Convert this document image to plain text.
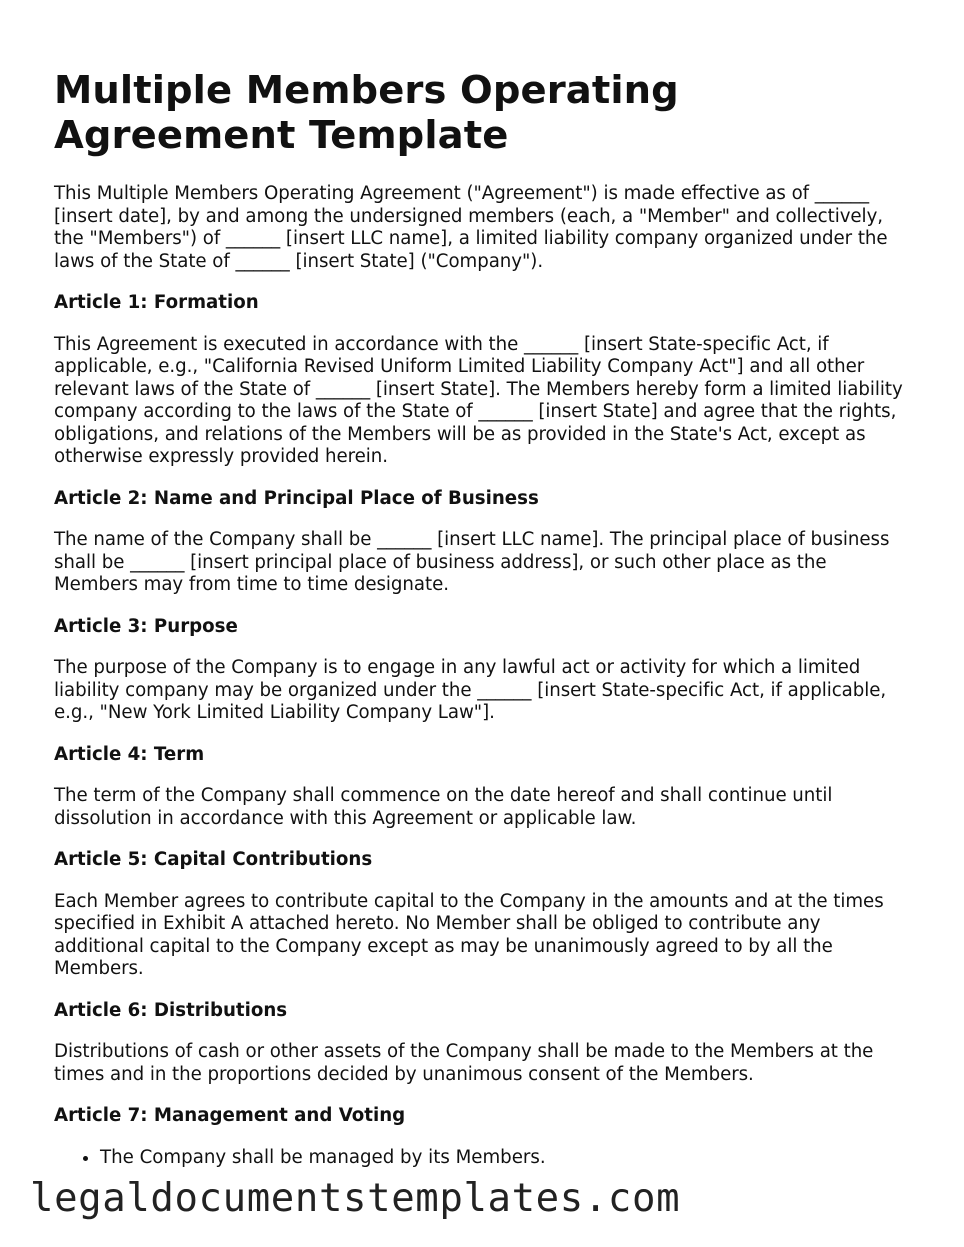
Multiple Members Operating Agreement Template

This Multiple Members Operating Agreement ("Agreement") is made effective as of ______ [insert date], by and among the undersigned members (each, a "Member" and collectively, the "Members") of ______ [insert LLC name], a limited liability company organized under the laws of the State of ______ [insert State] ("Company").

Article 1: Formation

This Agreement is executed in accordance with the ______ [insert State-specific Act, if applicable, e.g., "California Revised Uniform Limited Liability Company Act"] and all other relevant laws of the State of ______ [insert State]. The Members hereby form a limited liability company according to the laws of the State of ______ [insert State] and agree that the rights, obligations, and relations of the Members will be as provided in the State's Act, except as otherwise expressly provided herein.

Article 2: Name and Principal Place of Business

The name of the Company shall be ______ [insert LLC name]. The principal place of business shall be ______ [insert principal place of business address], or such other place as the Members may from time to time designate.

Article 3: Purpose

The purpose of the Company is to engage in any lawful act or activity for which a limited liability company may be organized under the ______ [insert State-specific Act, if applicable, e.g., "New York Limited Liability Company Law"].

Article 4: Term

The term of the Company shall commence on the date hereof and shall continue until dissolution in accordance with this Agreement or applicable law.

Article 5: Capital Contributions

Each Member agrees to contribute capital to the Company in the amounts and at the times specified in Exhibit A attached hereto. No Member shall be obliged to contribute any additional capital to the Company except as may be unanimously agreed to by all the Members.

Article 6: Distributions

Distributions of cash or other assets of the Company shall be made to the Members at the times and in the proportions decided by unanimous consent of the Members.

Article 7: Management and Voting
• The Company shall be managed by its Members.
legaldocumentstemplates.com
